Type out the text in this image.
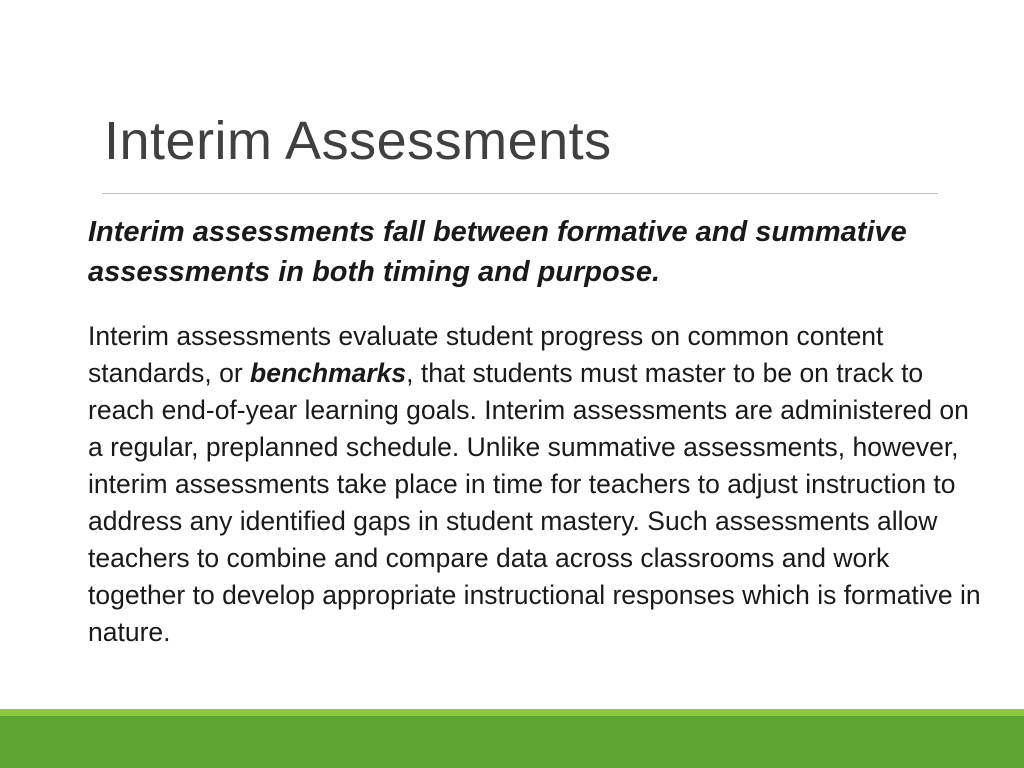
Interim Assessments

Interim assessments fall between formative and summative assessments in both timing and purpose.

Interim assessments evaluate student progress on common content standards, or benchmarks, that students must master to be on track to reach end-of-year learning goals. Interim assessments are administered on a regular, preplanned schedule. Unlike summative assessments, however, interim assessments take place in time for teachers to adjust instruction to address any identified gaps in student mastery. Such assessments allow teachers to combine and compare data across classrooms and work together to develop appropriate instructional responses which is formative in nature.
